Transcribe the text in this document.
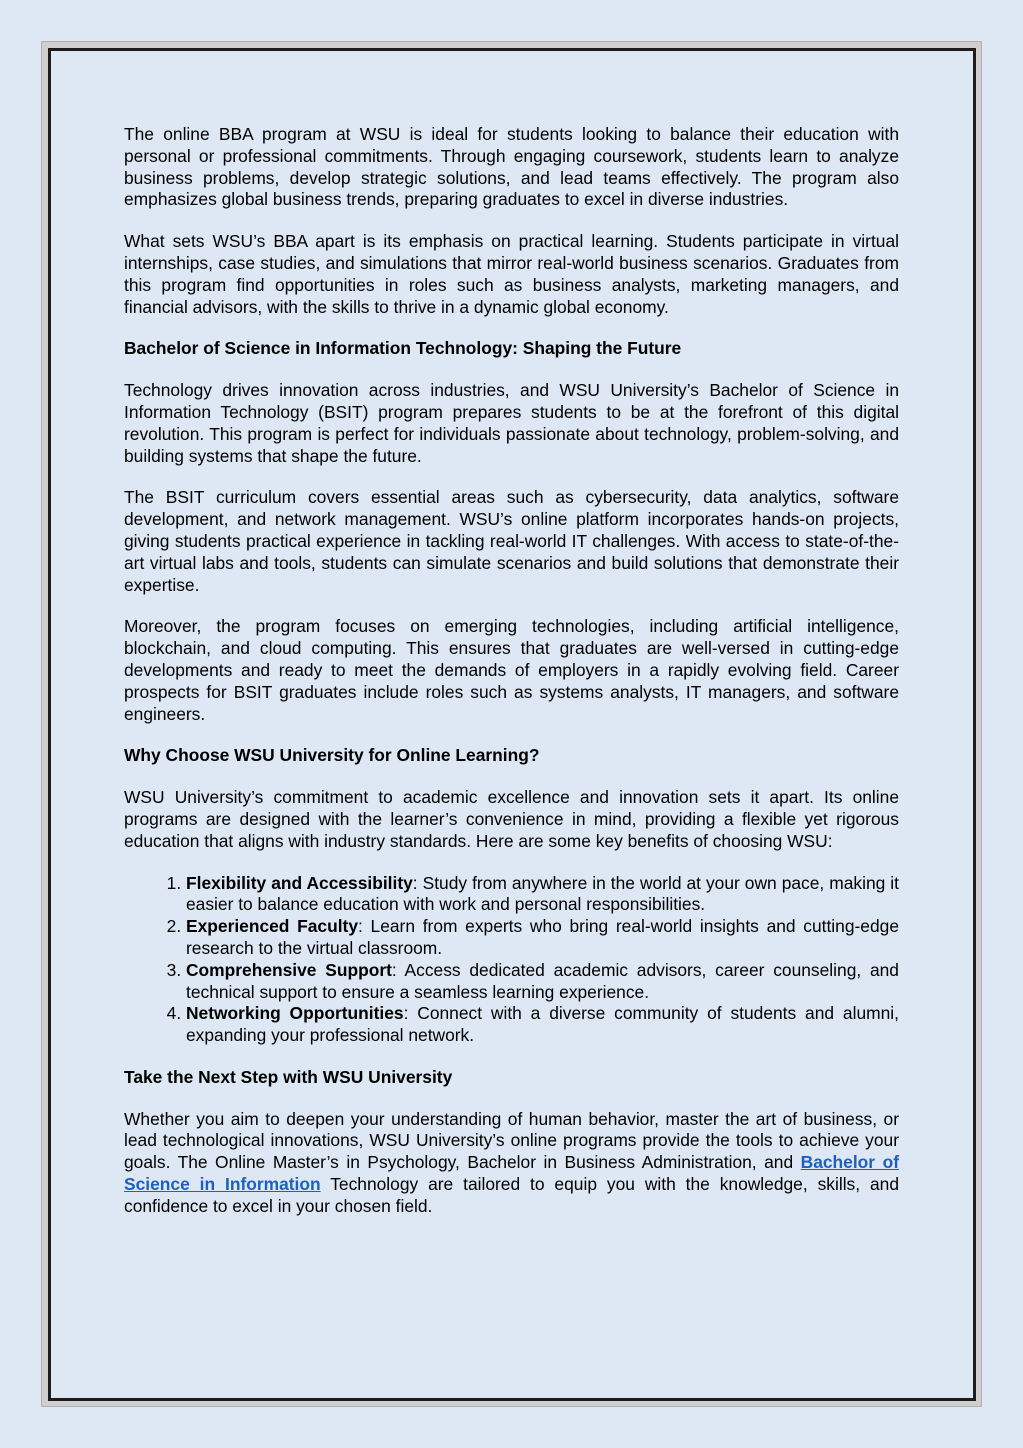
The online BBA program at WSU is ideal for students looking to balance their education with personal or professional commitments. Through engaging coursework, students learn to analyze business problems, develop strategic solutions, and lead teams effectively. The program also emphasizes global business trends, preparing graduates to excel in diverse industries.

What sets WSU’s BBA apart is its emphasis on practical learning. Students participate in virtual internships, case studies, and simulations that mirror real-world business scenarios. Graduates from this program find opportunities in roles such as business analysts, marketing managers, and financial advisors, with the skills to thrive in a dynamic global economy.

Bachelor of Science in Information Technology: Shaping the Future

Technology drives innovation across industries, and WSU University’s Bachelor of Science in Information Technology (BSIT) program prepares students to be at the forefront of this digital revolution. This program is perfect for individuals passionate about technology, problem-solving, and building systems that shape the future.

The BSIT curriculum covers essential areas such as cybersecurity, data analytics, software development, and network management. WSU’s online platform incorporates hands-on projects, giving students practical experience in tackling real-world IT challenges. With access to state-of-the-art virtual labs and tools, students can simulate scenarios and build solutions that demonstrate their expertise.

Moreover, the program focuses on emerging technologies, including artificial intelligence, blockchain, and cloud computing. This ensures that graduates are well-versed in cutting-edge developments and ready to meet the demands of employers in a rapidly evolving field. Career prospects for BSIT graduates include roles such as systems analysts, IT managers, and software engineers.

Why Choose WSU University for Online Learning?

WSU University’s commitment to academic excellence and innovation sets it apart. Its online programs are designed with the learner’s convenience in mind, providing a flexible yet rigorous education that aligns with industry standards. Here are some key benefits of choosing WSU:

1. Flexibility and Accessibility: Study from anywhere in the world at your own pace, making it easier to balance education with work and personal responsibilities.
2. Experienced Faculty: Learn from experts who bring real-world insights and cutting-edge research to the virtual classroom.
3. Comprehensive Support: Access dedicated academic advisors, career counseling, and technical support to ensure a seamless learning experience.
4. Networking Opportunities: Connect with a diverse community of students and alumni, expanding your professional network.

Take the Next Step with WSU University

Whether you aim to deepen your understanding of human behavior, master the art of business, or lead technological innovations, WSU University’s online programs provide the tools to achieve your goals. The Online Master’s in Psychology, Bachelor in Business Administration, and Bachelor of Science in Information Technology are tailored to equip you with the knowledge, skills, and confidence to excel in your chosen field.
